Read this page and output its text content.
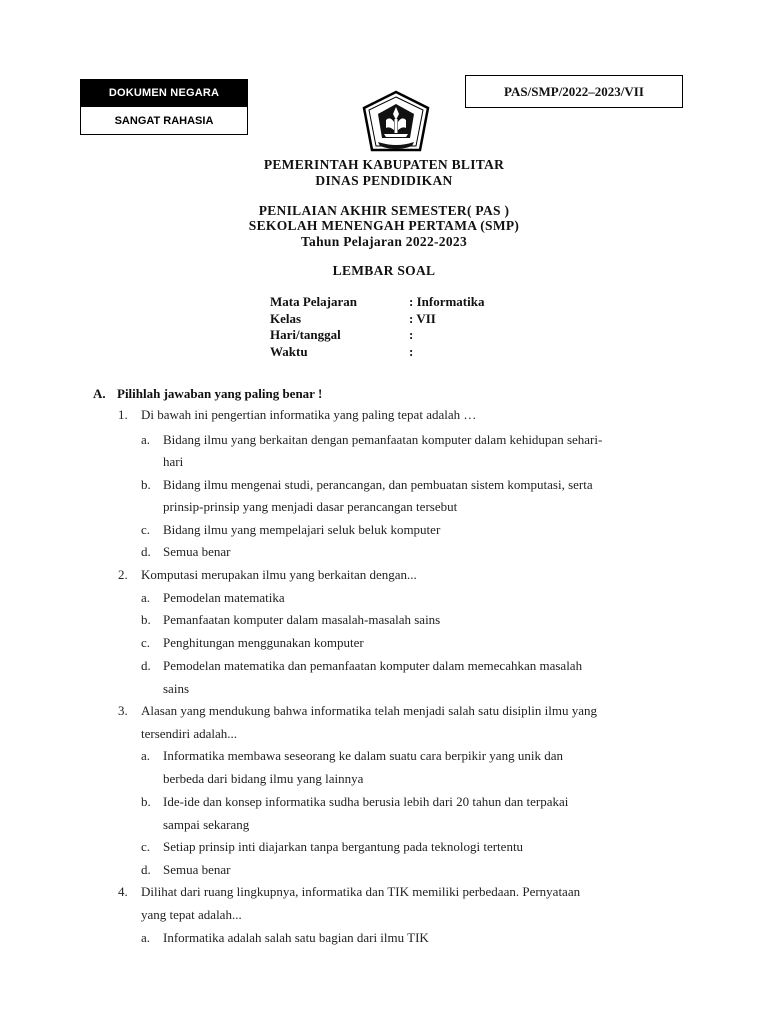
DOKUMEN NEGARA
SANGAT RAHASIA
PAS/SMP/2022–2023/VII
PEMERINTAH KABUPATEN BLITAR
DINAS PENDIDIKAN
PENILAIAN AKHIR SEMESTER( PAS )
SEKOLAH MENENGAH PERTAMA (SMP)
Tahun Pelajaran 2022-2023
LEMBAR SOAL
Mata Pelajaran	: Informatika
Kelas	: VII
Hari/tanggal	:
Waktu	:
A. Pilihlah jawaban yang paling benar !
1. Di bawah ini pengertian informatika yang paling tepat adalah …
a. Bidang ilmu yang berkaitan dengan pemanfaatan komputer dalam kehidupan sehari-
hari
b. Bidang ilmu mengenai studi, perancangan, dan pembuatan sistem komputasi, serta
prinsip-prinsip yang menjadi dasar perancangan tersebut
c. Bidang ilmu yang mempelajari seluk beluk komputer
d. Semua benar
2. Komputasi merupakan ilmu yang berkaitan dengan...
a. Pemodelan matematika
b. Pemanfaatan komputer dalam masalah-masalah sains
c. Penghitungan menggunakan komputer
d. Pemodelan matematika dan pemanfaatan komputer dalam memecahkan masalah
sains
3. Alasan yang mendukung bahwa informatika telah menjadi salah satu disiplin ilmu yang
tersendiri adalah...
a. Informatika membawa seseorang ke dalam suatu cara berpikir yang unik dan
berbeda dari bidang ilmu yang lainnya
b. Ide-ide dan konsep informatika sudha berusia lebih dari 20 tahun dan terpakai
sampai sekarang
c. Setiap prinsip inti diajarkan tanpa bergantung pada teknologi tertentu
d. Semua benar
4. Dilihat dari ruang lingkupnya, informatika dan TIK memiliki perbedaan. Pernyataan
yang tepat adalah...
a. Informatika adalah salah satu bagian dari ilmu TIK
